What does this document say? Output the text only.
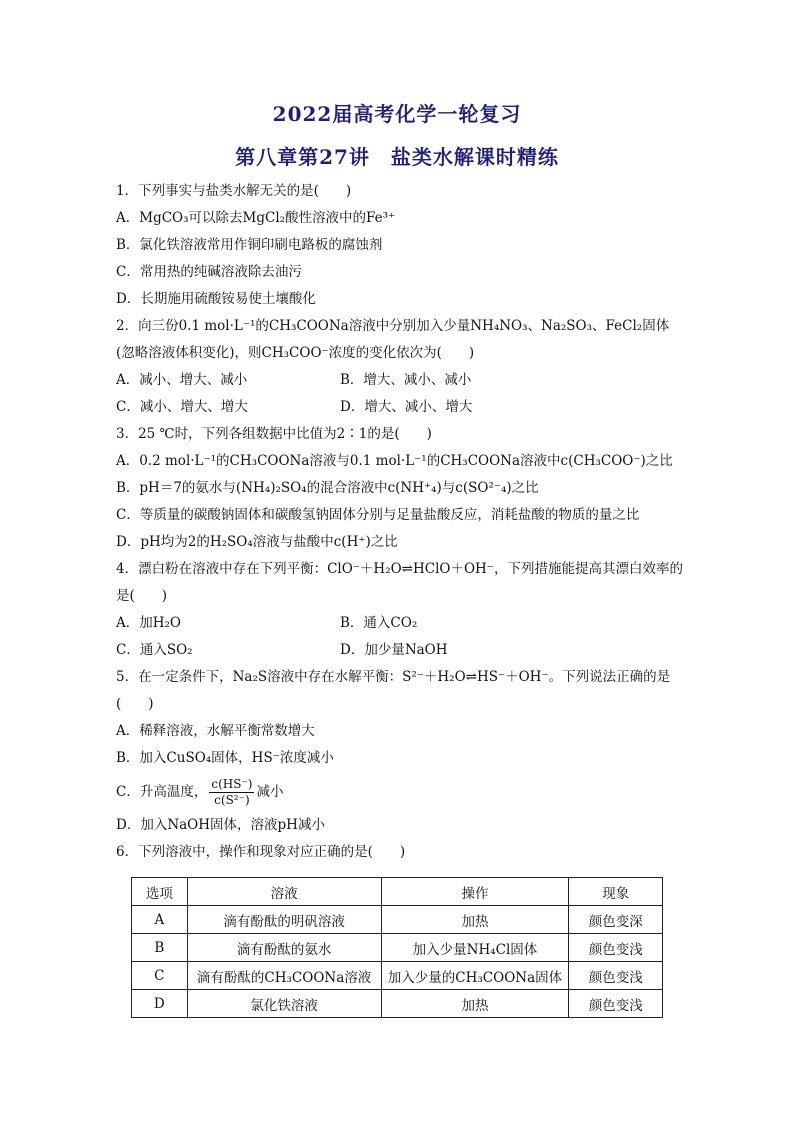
2022届高考化学一轮复习
第八章第27讲　盐类水解课时精练
1．下列事实与盐类水解无关的是(　　)
A．MgCO₃可以除去MgCl₂酸性溶液中的Fe³⁺
B．氯化铁溶液常用作铜印刷电路板的腐蚀剂
C．常用热的纯碱溶液除去油污
D．长期施用硫酸铵易使土壤酸化
2．向三份0.1 mol·L⁻¹的CH₃COONa溶液中分别加入少量NH₄NO₃、Na₂SO₃、FeCl₂固体(忽略溶液体积变化)，则CH₃COO⁻浓度的变化依次为(　　)
A．减小、增大、减小	B．增大、减小、减小
C．减小、增大、增大	D．增大、减小、增大
3．25 ℃时，下列各组数据中比值为2∶1的是(　　)
A．0.2 mol·L⁻¹的CH₃COONa溶液与0.1 mol·L⁻¹的CH₃COONa溶液中c(CH₃COO⁻)之比
B．pH＝7的氨水与(NH₄)₂SO₄的混合溶液中c(NH⁺₄)与c(SO²⁻₄)之比
C．等质量的碳酸钠固体和碳酸氢钠固体分别与足量盐酸反应，消耗盐酸的物质的量之比
D．pH均为2的H₂SO₄溶液与盐酸中c(H⁺)之比
4．漂白粉在溶液中存在下列平衡：ClO⁻＋H₂O⇌HClO＋OH⁻，下列措施能提高其漂白效率的是(　　)
A．加H₂O	B．通入CO₂
C．通入SO₂	D．加少量NaOH
5．在一定条件下，Na₂S溶液中存在水解平衡：S²⁻＋H₂O⇌HS⁻＋OH⁻。下列说法正确的是(　　)
A．稀释溶液，水解平衡常数增大
B．加入CuSO₄固体，HS⁻浓度减小
C．升高温度， $\frac{c(HS^-)}{\text{c(S²⁻)}}$ 减小
D．加入NaOH固体，溶液pH减小
6．下列溶液中，操作和现象对应正确的是(　　)
选项	溶液	操作	现象
A	滴有酚酞的明矾溶液	加热	颜色变深
B	滴有酚酞的氨水	加入少量NH₄Cl固体	颜色变浅
C	滴有酚酞的CH₃COONa溶液	加入少量的CH₃COONa固体	颜色变浅
D	氯化铁溶液	加热	颜色变浅
